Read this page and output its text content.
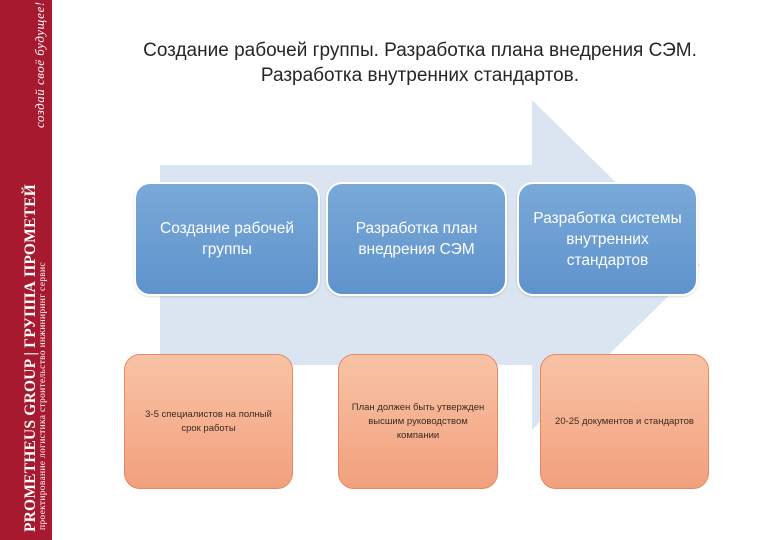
создай своё будущее!
PROMETHEUS GROUP | ГРУППА ПРОМЕТЕЙ проектирование логистика строительство инжиниринг сервис
Создание рабочей группы. Разработка плана внедрения СЭМ.
Разработка внутренних стандартов.
Создание рабочей группы
Разработка план внедрения СЭМ
Разработка системы внутренних стандартов
3-5 специалистов на полный срок работы
План должен быть утвержден высшим руководством компании
20-25 документов и стандартов
